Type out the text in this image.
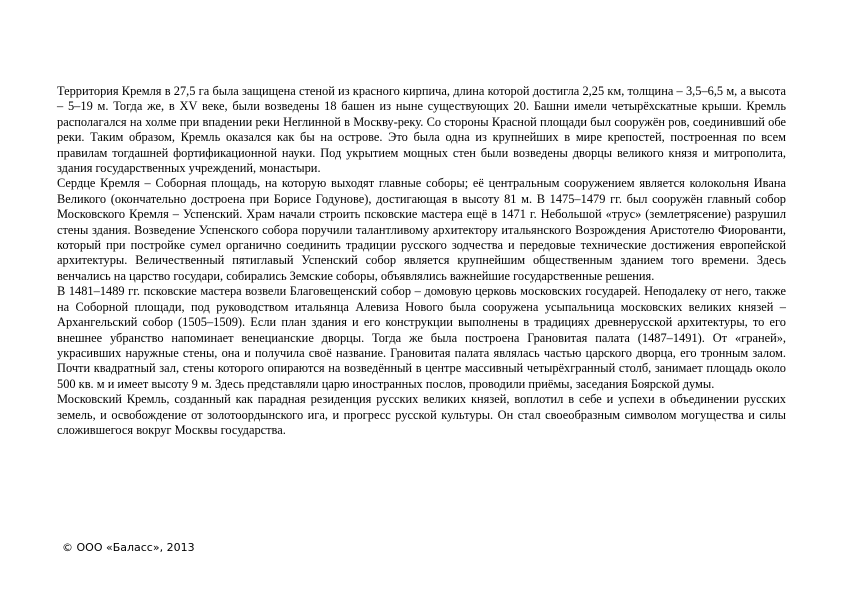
Территория Кремля в 27,5 га была защищена стеной из красного кирпича, длина которой достигла 2,25 км, толщина – 3,5–6,5 м, а высота – 5–19 м. Тогда же, в XV веке, были возведены 18 башен из ныне существующих 20. Башни имели четырёхскатные крыши. Кремль располагался на холме при впадении реки Неглинной в Москву-реку. Со стороны Красной площади был сооружён ров, соединивший обе реки. Таким образом, Кремль оказался как бы на острове. Это была одна из крупнейших в мире крепостей, построенная по всем правилам тогдашней фортификационной науки. Под укрытием мощных стен были возведены дворцы великого князя и митрополита, здания государственных учреждений, монастыри.

Сердце Кремля – Соборная площадь, на которую выходят главные соборы; её центральным сооружением является колокольня Ивана Великого (окончательно достроена при Борисе Годунове), достигающая в высоту 81 м. В 1475–1479 гг. был сооружён главный собор Московского Кремля – Успенский. Храм начали строить псковские мастера ещё в 1471 г. Небольшой «трус» (землетрясение) разрушил стены здания. Возведение Успенского собора поручили талантливому архитектору итальянского Возрождения Аристотелю Фиорованти, который при постройке сумел органично соединить традиции русского зодчества и передовые технические достижения европейской архитектуры. Величественный пятиглавый Успенский собор является крупнейшим общественным зданием того времени. Здесь венчались на царство государи, собирались Земские соборы, объявлялись важнейшие государственные решения.

В 1481–1489 гг. псковские мастера возвели Благовещенский собор – домовую церковь московских государей. Неподалеку от него, также на Соборной площади, под руководством итальянца Алевиза Нового была сооружена усыпальница московских великих князей – Архангельский собор (1505–1509). Если план здания и его конструкции выполнены в традициях древнерусской архитектуры, то его внешнее убранство напоминает венецианские дворцы. Тогда же была построена Грановитая палата (1487–1491). От «граней», украсивших наружные стены, она и получила своё название. Грановитая палата являлась частью царского дворца, его тронным залом. Почти квадратный зал, стены которого опираются на возведённый в центре массивный четырёхгранный столб, занимает площадь около 500 кв. м и имеет высоту 9 м. Здесь представляли царю иностранных послов, проводили приёмы, заседания Боярской думы.

Московский Кремль, созданный как парадная резиденция русских великих князей, воплотил в себе и успехи в объединении русских земель, и освобождение от золотоордынского ига, и прогресс русской культуры. Он стал своеобразным символом могущества и силы сложившегося вокруг Москвы государства.

© ООО «Баласс», 2013
